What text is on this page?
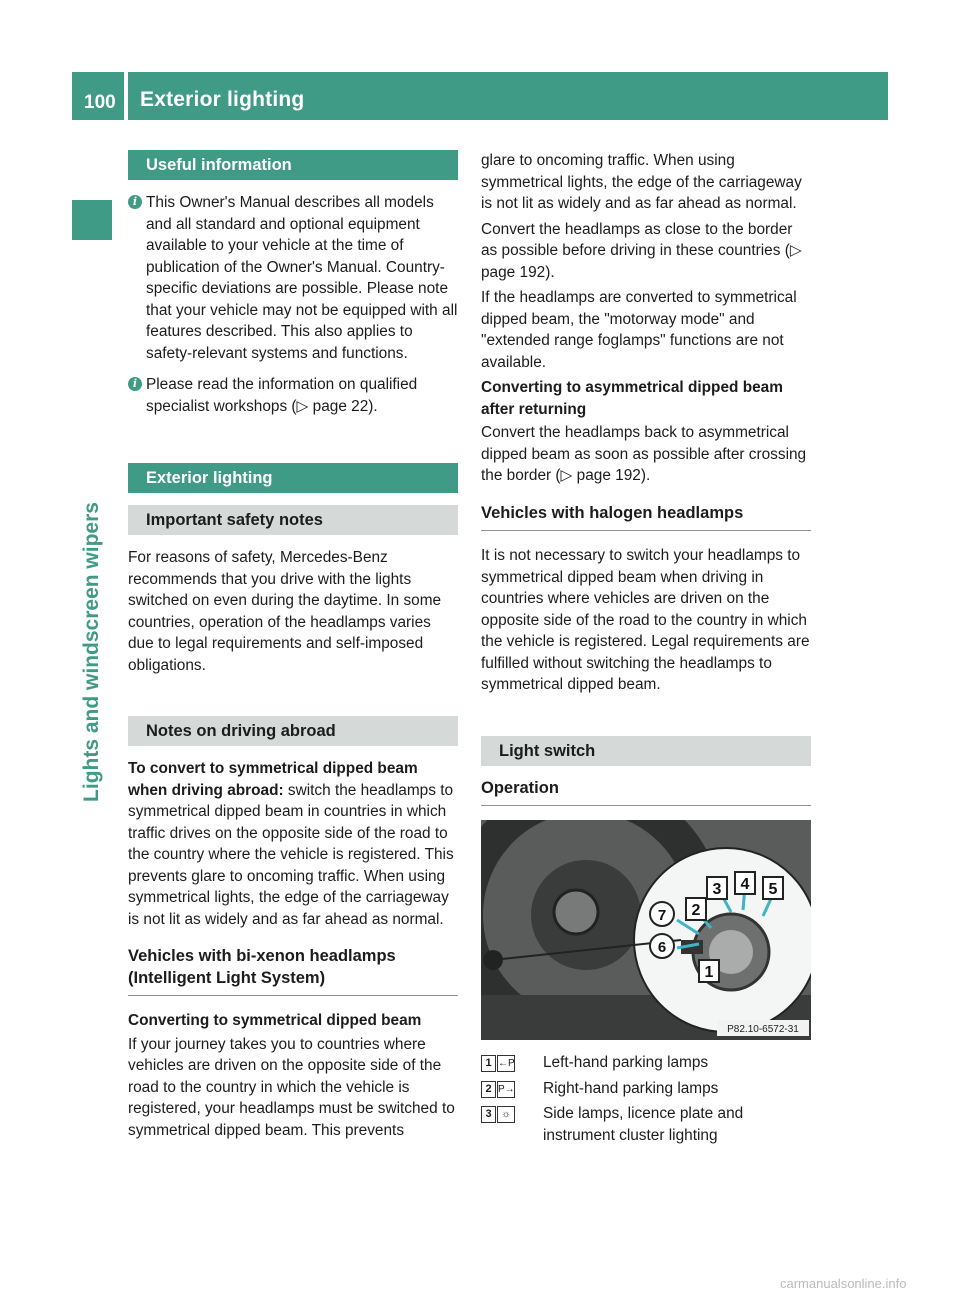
100 Exterior lighting
Lights and windscreen wipers
Useful information
i This Owner's Manual describes all models and all standard and optional equipment available to your vehicle at the time of publication of the Owner's Manual. Country-specific deviations are possible. Please note that your vehicle may not be equipped with all features described. This also applies to safety-relevant systems and functions.
i Please read the information on qualified specialist workshops (▷ page 22).
Exterior lighting
Important safety notes

For reasons of safety, Mercedes-Benz recommends that you drive with the lights switched on even during the daytime. In some countries, operation of the headlamps varies due to legal requirements and self-imposed obligations.

Notes on driving abroad

To convert to symmetrical dipped beam when driving abroad: switch the headlamps to symmetrical dipped beam in countries in which traffic drives on the opposite side of the road to the country where the vehicle is registered. This prevents glare to oncoming traffic. When using symmetrical lights, the edge of the carriageway is not lit as widely and as far ahead as normal.

Vehicles with bi-xenon headlamps (Intelligent Light System)
Converting to symmetrical dipped beam

If your journey takes you to countries where vehicles are driven on the opposite side of the road to the country in which the vehicle is registered, your headlamps must be switched to symmetrical dipped beam. This prevents

glare to oncoming traffic. When using symmetrical lights, the edge of the carriageway is not lit as widely and as far ahead as normal.

Convert the headlamps as close to the border as possible before driving in these countries (▷ page 192).

If the headlamps are converted to symmetrical dipped beam, the "motorway mode" and "extended range foglamps" functions are not available.

Converting to asymmetrical dipped beam after returning

Convert the headlamps back to asymmetrical dipped beam as soon as possible after crossing the border (▷ page 192).

Vehicles with halogen headlamps

It is not necessary to switch your headlamps to symmetrical dipped beam when driving in countries where vehicles are driven on the opposite side of the road to the country in which the vehicle is registered. Legal requirements are fulfilled without switching the headlamps to symmetrical dipped beam.

Light switch
Operation
3 4 5
2
7
6
1
P82.10-6572-31
1 ←P Left-hand parking lamps
2 P→ Right-hand parking lamps
3 ☼ Side lamps, licence plate and instrument cluster lighting
carmanualsonline.info
